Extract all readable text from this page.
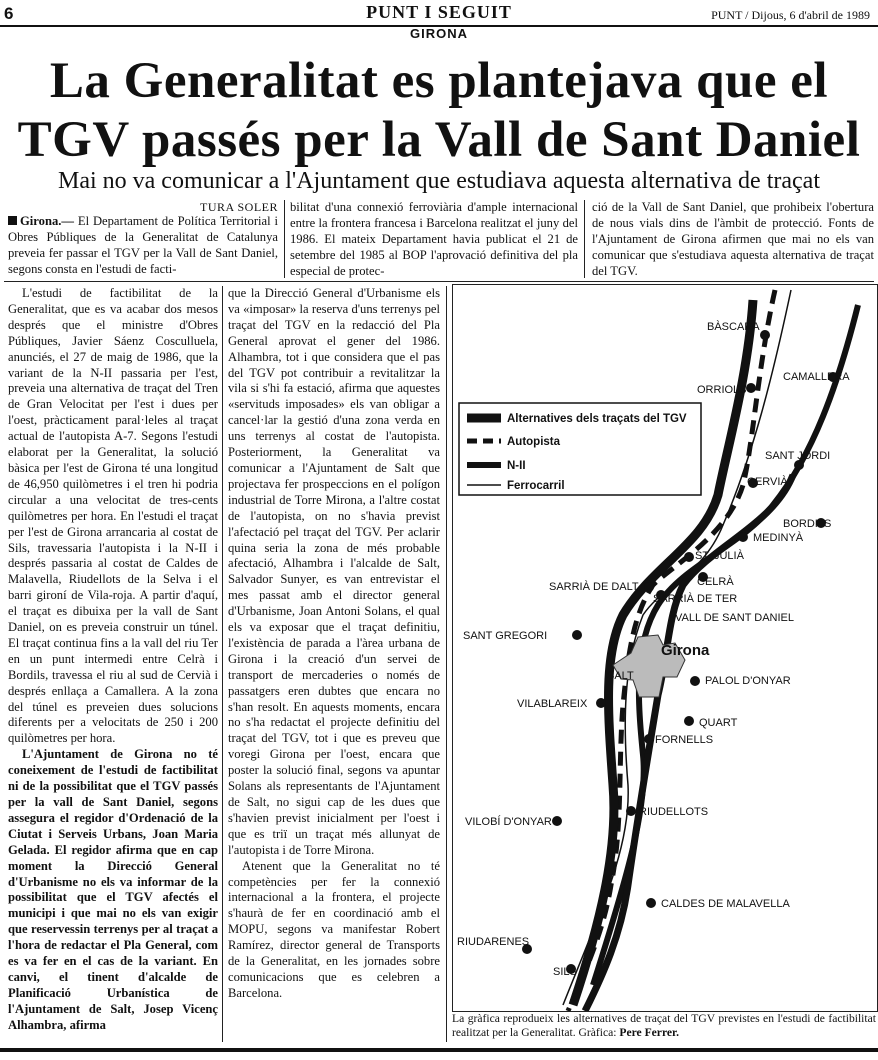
6	PUNT I SEGUIT	PUNT / Dijous, 6 d'abril de 1989
GIRONA
La Generalitat es plantejava que el TGV passés per la Vall de Sant Daniel
Mai no va comunicar a l'Ajuntament que estudiava aquesta alternativa de traçat
TURA SOLER

Girona.— El Departament de Política Territorial i Obres Públiques de la Generalitat de Catalunya preveia fer passar el TGV per la Vall de Sant Daniel, segons consta en l'estudi de facti-

bilitat d'una connexió ferroviària d'ample internacional entre la frontera francesa i Barcelona realitzat el juny del 1986. El mateix Departament havia publicat el 21 de setembre del 1985 al BOP l'aprovació definitiva del pla especial de protec-

ció de la Vall de Sant Daniel, que prohibeix l'obertura de nous vials dins de l'àmbit de protecció. Fonts de l'Ajuntament de Girona afirmen que mai no els van comunicar que s'estudiava aquesta alternativa de traçat del TGV.

L'estudi de factibilitat de la Generalitat, que es va acabar dos mesos després que el ministre d'Obres Públiques, Javier Sáenz Cosculluela, anunciés, el 27 de maig de 1986, que la variant de la N-II passaria per l'est, preveia una alternativa de traçat del Tren de Gran Velocitat per l'est i dues per l'oest, pràcticament paral·leles al traçat actual de l'autopista A-7. Segons l'estudi elaborat per la Generalitat, la solució bàsica per l'est de Girona té una longitud de 46,950 quilòmetres i el tren hi podria circular a una velocitat de tres-cents quilòmetres per hora. En l'estudi el traçat per l'est de Girona arrancaria al costat de Sils, travessaria l'autopista i la N-II i després passaria al costat de Caldes de Malavella, Riudellots de la Selva i el barri gironí de Vila-roja. A partir d'aquí, el traçat es dibuixa per la vall de Sant Daniel, on es preveia construir un túnel. El traçat continua fins a la vall del riu Ter en un punt intermedi entre Celrà i Bordils, travessa el riu al sud de Cervià i després enllaça a Camallera. A la zona del túnel es preveien dues solucions diferents per a velocitats de 250 i 200 quilòmetres per hora.

L'Ajuntament de Girona no té coneixement de l'estudi de factibilitat ni de la possibilitat que el TGV passés per la vall de Sant Daniel, segons assegura el regidor d'Ordenació de la Ciutat i Serveis Urbans, Joan Maria Gelada. El regidor afirma que en cap moment la Direcció General d'Urbanisme no els va informar de la possibilitat que el TGV afectés el municipi i que mai no els van exigir que reservessin terrenys per al traçat a l'hora de redactar el Pla General, com es va fer en el cas de la variant. En canvi, el tinent d'alcalde de Planificació Urbanística de l'Ajuntament de Salt, Josep Vicenç Alhambra, afirma

que la Direcció General d'Urbanisme els va «imposar» la reserva d'uns terrenys pel traçat del TGV en la redacció del Pla General aprovat el gener del 1986. Alhambra, tot i que considera que el pas del TGV pot contribuir a revitalitzar la vila si s'hi fa estació, afirma que aquestes «servituds imposades» els van obligar a cancel·lar la gestió d'una zona verda en uns terrenys al costat de l'autopista. Posteriorment, la Generalitat va comunicar a l'Ajuntament de Salt que projectava fer prospeccions en el polígon industrial de Torre Mirona, a l'altre costat de l'autopista, on no s'havia previst l'afectació pel traçat del TGV. Per aclarir quina seria la zona de més probable afectació, Alhambra i l'alcalde de Salt, Salvador Sunyer, es van entrevistar el mes passat amb el director general d'Urbanisme, Joan Antoni Solans, el qual els va exposar que el traçat definitiu, l'existència de parada a l'àrea urbana de Girona i la creació d'un servei de transport de mercaderies o només de passatgers eren dubtes que encara no s'han resolt. En aquests moments, encara no s'ha redactat el projecte definitiu del traçat del TGV, tot i que es preveu que voregi Girona per l'oest, encara que poster la solució final, segons va apuntar Solans als representants de l'Ajuntament de Salt, no sigui cap de les dues que s'havien previst inicialment per l'oest i que es triï un traçat més allunyat de l'autopista i de Torre Mirona.

Atenent que la Generalitat no té competències per fer la connexió internacional a la frontera, el projecte s'haurà de fer en coordinació amb el MOPU, segons va manifestar Robert Ramírez, director general de Transports de la Generalitat, en les jornades sobre comunicacions que es celebren a Barcelona.

Alternatives dels traçats del TGV
Autopista
N-II
Ferrocarril
BÀSCARA
ORRIOLS
CAMALLERA
SANT JORDI
CERVIÀ
BORDILS
MEDINYÀ
ST. JULIÀ
CELRÀ
SARRIÀ DE DALT
SARRIÀ DE TER
VALL DE SANT DANIEL
SANT GREGORI
Girona
SALT	PALOL D'ONYAR
VILABLAREIX
QUART
FORNELLS
RIUDELLOTS
VILOBÍ D'ONYAR
CALDES DE MALAVELLA
RIUDARENES
SILS
La gràfica reprodueix les alternatives de traçat del TGV previstes en l'estudi de factibilitat realitzat per la Generalitat. Gràfica: Pere Ferrer.
